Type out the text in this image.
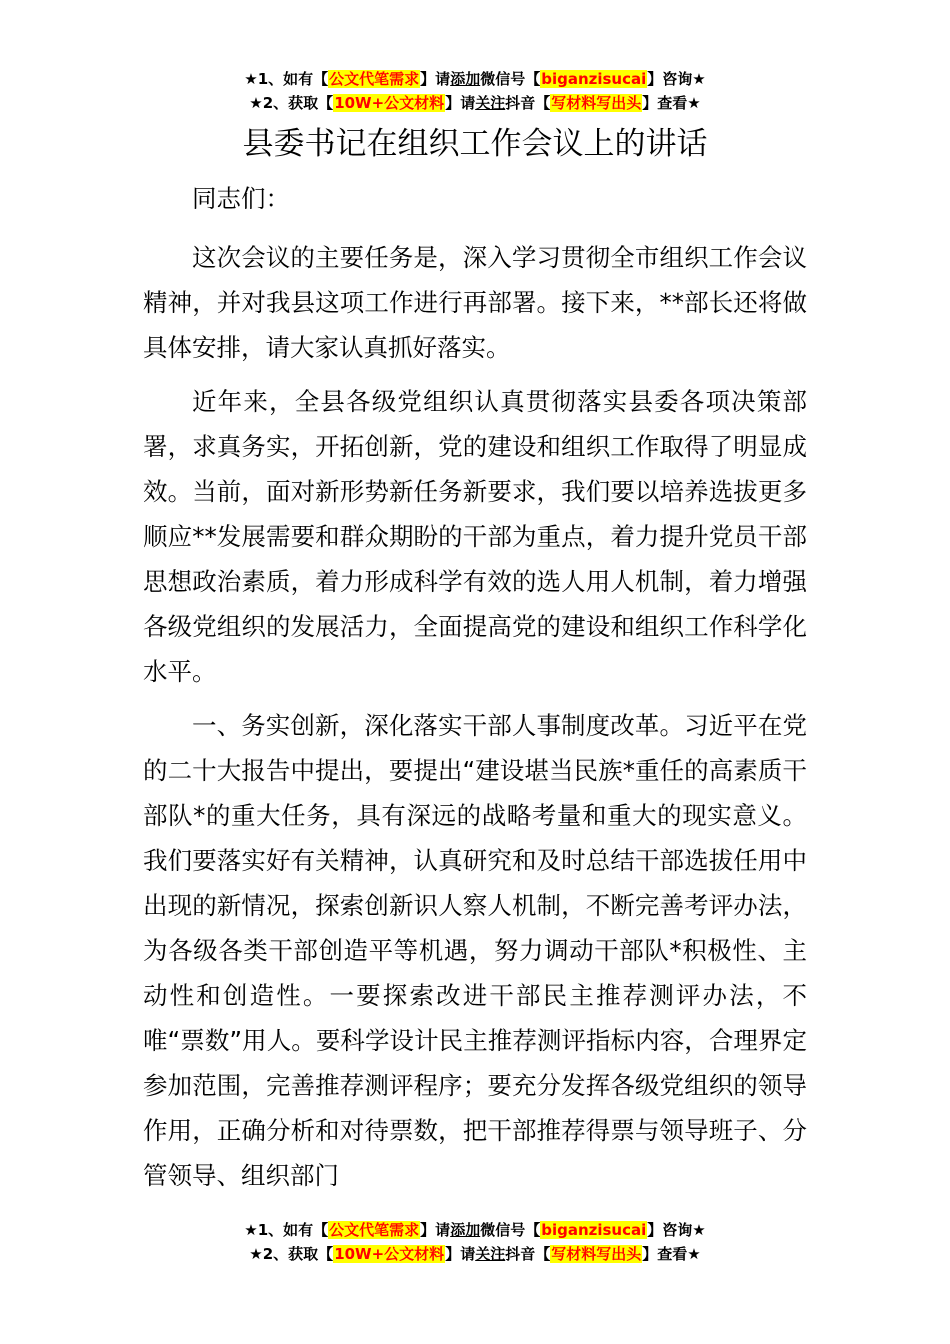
★1、如有【公文代笔需求】请添加微信号【biganzisucai】咨询★
★2、获取【10W+公文材料】请关注抖音【写材料写出头】查看★
县委书记在组织工作会议上的讲话

同志们：

这次会议的主要任务是，深入学习贯彻全市组织工作会议精神，并对我县这项工作进行再部署。接下来，**部长还将做具体安排，请大家认真抓好落实。

近年来，全县各级党组织认真贯彻落实县委各项决策部署，求真务实，开拓创新，党的建设和组织工作取得了明显成效。当前，面对新形势新任务新要求，我们要以培养选拔更多顺应**发展需要和群众期盼的干部为重点，着力提升党员干部思想政治素质，着力形成科学有效的选人用人机制，着力增强各级党组织的发展活力，全面提高党的建设和组织工作科学化水平。

一、务实创新，深化落实干部人事制度改革。习近平在党的二十大报告中提出，要提出“建设堪当民族*重任的高素质干部队*的重大任务，具有深远的战略考量和重大的现实意义。我们要落实好有关精神，认真研究和及时总结干部选拔任用中出现的新情况，探索创新识人察人机制，不断完善考评办法，为各级各类干部创造平等机遇，努力调动干部队*积极性、主动性和创造性。一要探索改进干部民主推荐测评办法，不唯“票数”用人。要科学设计民主推荐测评指标内容，合理界定参加范围，完善推荐测评程序；要充分发挥各级党组织的领导作用，正确分析和对待票数，把干部推荐得票与领导班子、分管领导、组织部门

★1、如有【公文代笔需求】请添加微信号【biganzisucai】咨询★
★2、获取【10W+公文材料】请关注抖音【写材料写出头】查看★
